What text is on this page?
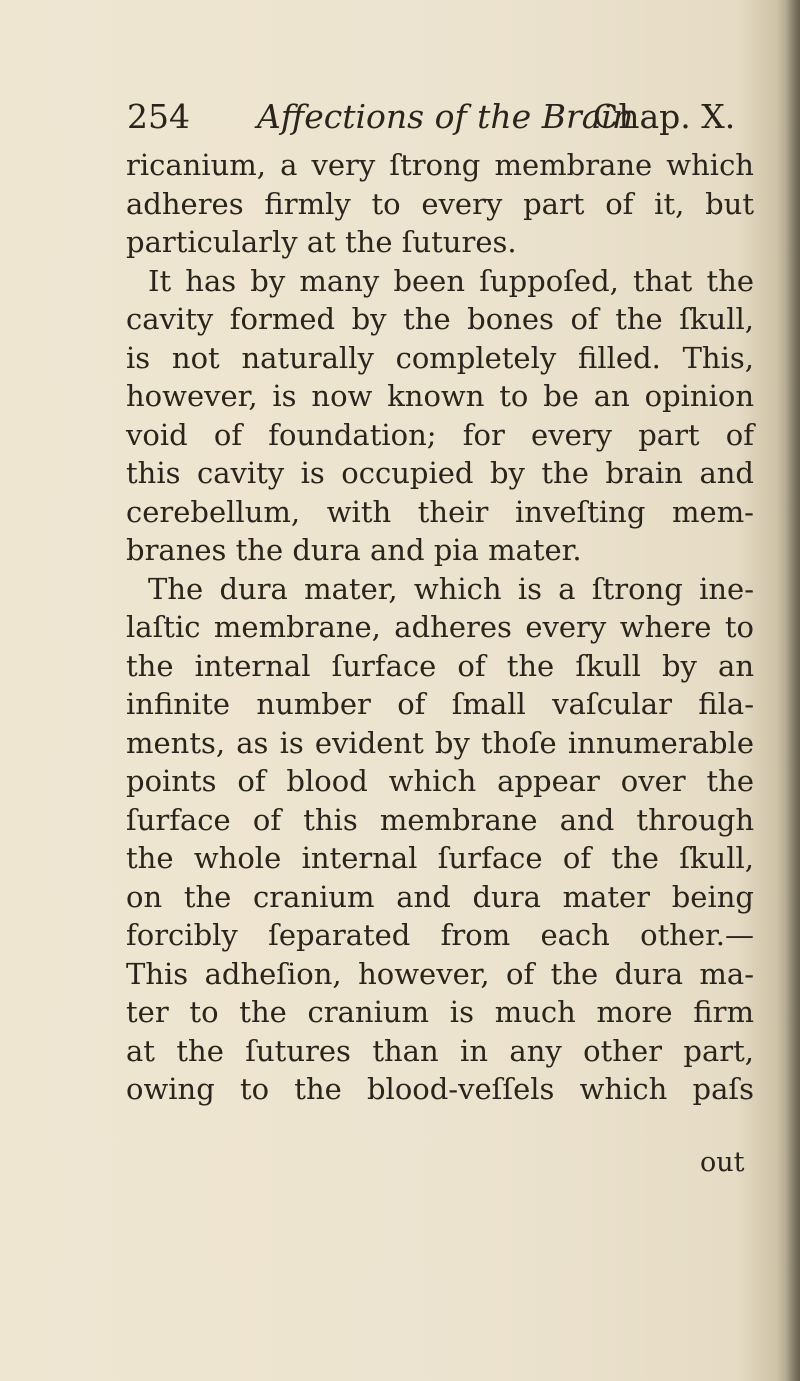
254 Affections of the Brain
Chap. X.
ricanium, a very ſtrong membrane which
adheres firmly to every part of it, but
particularly at the ſutures.
It has by many been ſuppoſed, that the
cavity formed by the bones of the ſkull,
is not naturally completely filled. This,
however, is now known to be an opinion
void of foundation; for every part of
this cavity is occupied by the brain and
cerebellum, with their inveſting mem-
branes the dura and pia mater.
The dura mater, which is a ſtrong ine-
laſtic membrane, adheres every where to
the internal ſurface of the ſkull by an
infinite number of ſmall vaſcular fila-
ments, as is evident by thoſe innumerable
points of blood which appear over the
ſurface of this membrane and through
the whole internal ſurface of the ſkull,
on the cranium and dura mater being
forcibly ſeparated from each other.—
This adheſion, however, of the dura ma-
ter to the cranium is much more firm
at the ſutures than in any other part,
owing to the blood-veſſels which paſs
out
